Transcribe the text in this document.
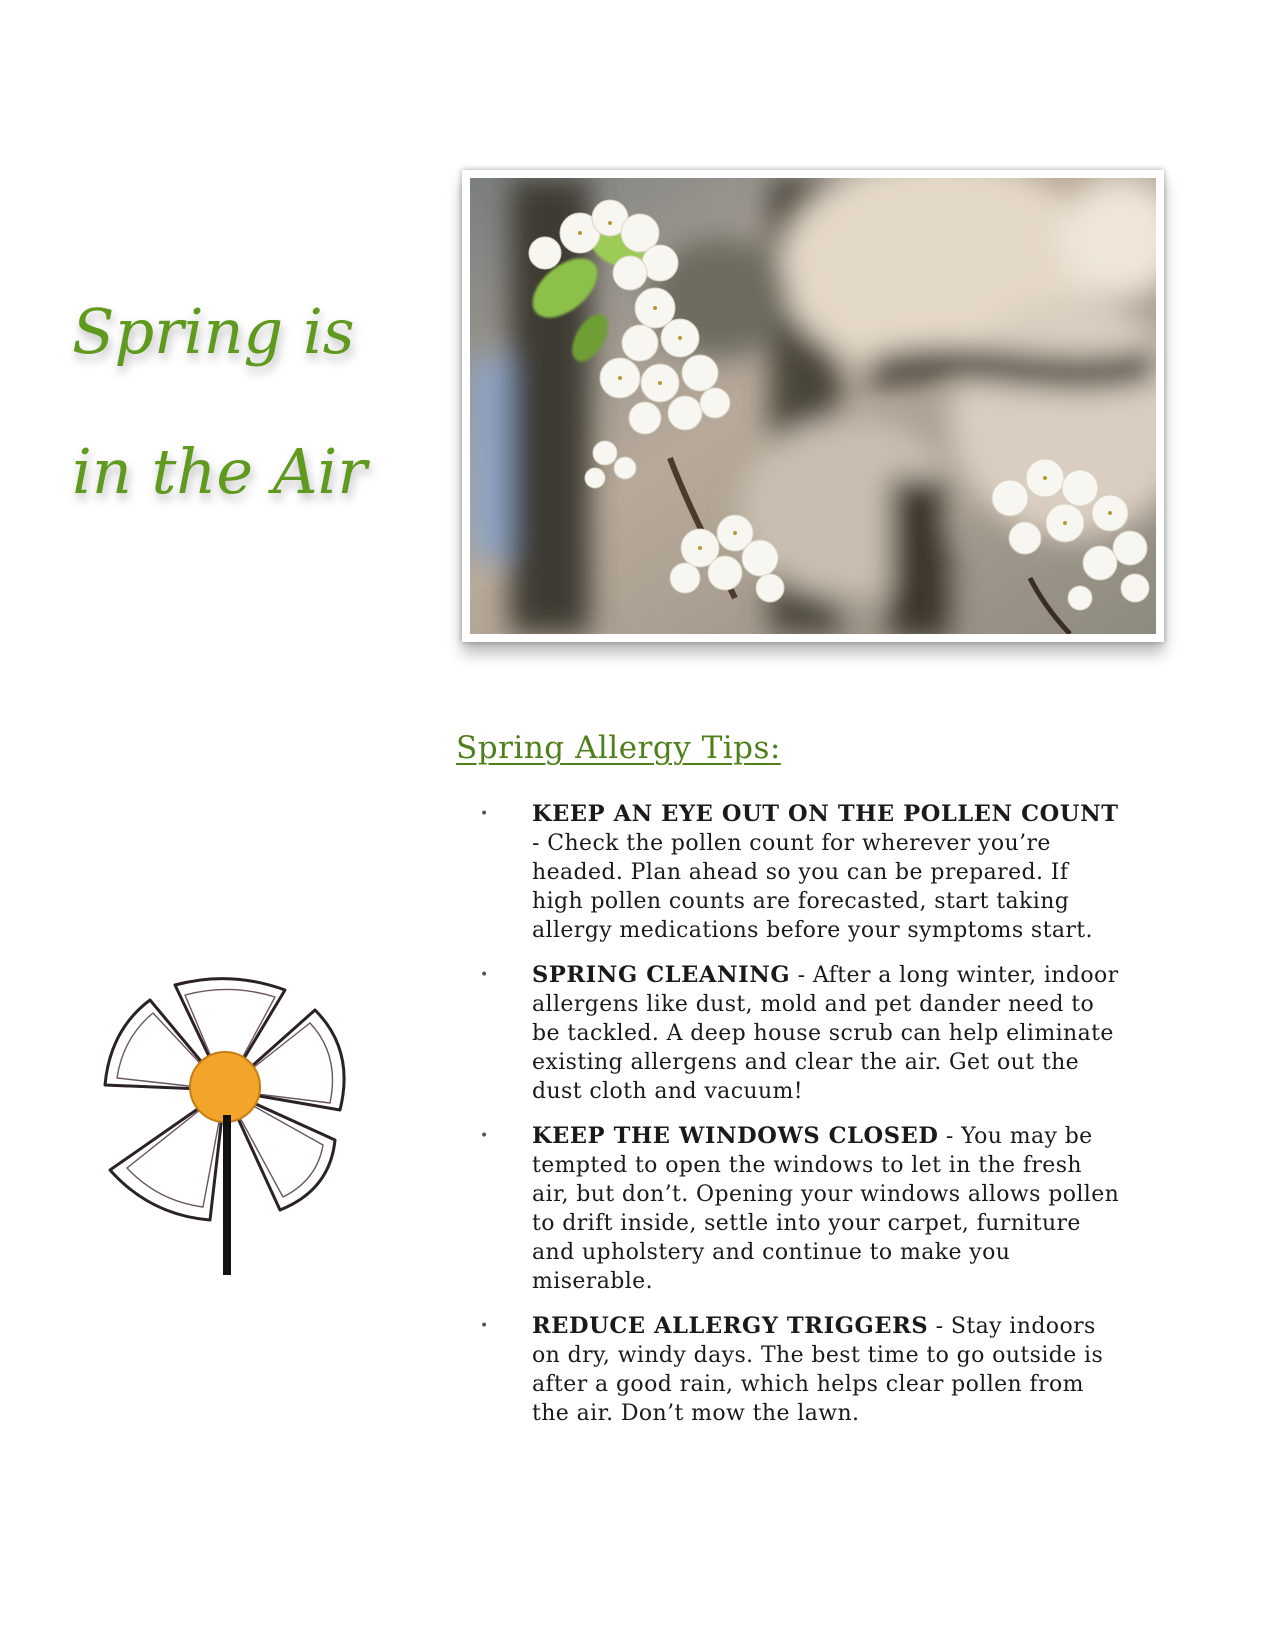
Spring is
in the Air
Spring Allergy Tips:
• KEEP AN EYE OUT ON THE POLLEN COUNT - Check the pollen count for wherever you’re headed. Plan ahead so you can be prepared. If high pollen counts are forecasted, start taking allergy medications before your symptoms start.
• SPRING CLEANING - After a long winter, indoor allergens like dust, mold and pet dander need to be tackled. A deep house scrub can help eliminate existing allergens and clear the air. Get out the dust cloth and vacuum!
• KEEP THE WINDOWS CLOSED - You may be tempted to open the windows to let in the fresh air, but don’t. Opening your windows allows pollen to drift inside, settle into your carpet, furniture and upholstery and continue to make you miserable.
• REDUCE ALLERGY TRIGGERS - Stay indoors on dry, windy days. The best time to go outside is after a good rain, which helps clear pollen from the air. Don’t mow the lawn.
